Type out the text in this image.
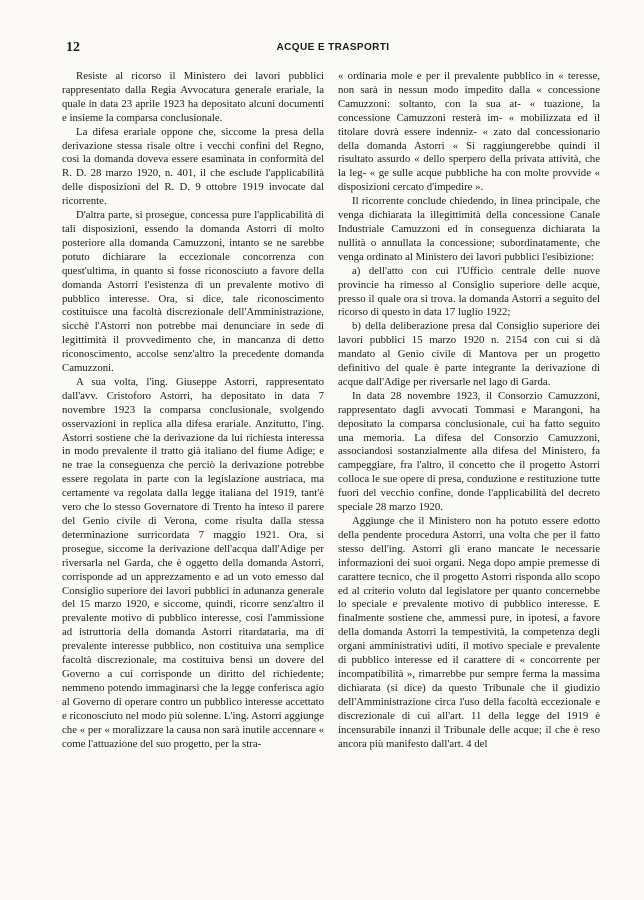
12	ACQUE E TRASPORTI

Resiste al ricorso il Ministero dei lavori pubblici rappresentato dalla Regia Avvocatura generale erariale, la quale in data 23 aprile 1923 ha depositato alcuni documenti e insieme la comparsa conclusionale.

La difesa erariale oppone che, siccome la presa della derivazione stessa risale oltre i vecchi confini del Regno, così la domanda doveva essere esaminata in conformità del R. D. 28 marzo 1920, n. 401, il che esclude l'applicabilità delle disposizioni del R. D. 9 ottobre 1919 invocate dal ricorrente.

D'altra parte, si prosegue, concessa pure l'applicabilità di tali disposizioni, essendo la domanda Astorri di molto posteriore alla domanda Camuzzoni, intanto se ne sarebbe potuto dichiarare la eccezionale concorrenza con quest'ultima, in quanto si fosse riconosciuto a favore della domanda Astorri l'esistenza di un prevalente motivo di pubblico interesse. Ora, si dice, tale riconoscimento costituisce una facoltà discrezionale dell'Amministrazione, sicchè l'Astorri non potrebbe mai denunciare in sede di legittimità il provvedimento che, in mancanza di detto riconoscimento, accolse senz'altro la precedente domanda Camuzzoni.

A sua volta, l'ing. Giuseppe Astorri, rappresentato dall'avv. Cristoforo Astorri, ha depositato in data 7 novembre 1923 la comparsa conclusionale, svolgendo osservazioni in replica alla difesa erariale. Anzitutto, l'ing. Astorri sostiene che la derivazione da lui richiesta interessa in modo prevalente il tratto già italiano del fiume Adige; e ne trae la conseguenza che perciò la derivazione potrebbe essere regolata in parte con la legislazione austriaca, ma certamente va regolata dalla legge italiana del 1919, tant'è vero che lo stesso Governatore di Trento ha inteso il parere del Genio civile di Verona, come risulta dalla stessa determinazione surricordata 7 maggio 1921. Ora, si prosegue, siccome la derivazione dell'acqua dall'Adige per riversarla nel Garda, che è oggetto della domanda Astorri, corrisponde ad un apprezzamento e ad un voto emesso dal Consiglio superiore dei lavori pubblici in adunanza generale del 15 marzo 1920, e siccome, quindi, ricorre senz'altro il prevalente motivo di pubblico interesse, così l'ammissione ad istruttoria della domanda Astorri ritardataria, ma di prevalente interesse pubblico, non costituiva una semplice facoltà discrezionale, ma costituiva bensì un dovere del Governo a cui corrisponde un diritto del richiedente; nemmeno potendo immaginarsi che la legge conferisca agio al Governo di operare contro un pubblico interesse accettato e riconosciuto nel modo più solenne. L'ing. Astorri aggiunge che « per « moralizzare la causa non sarà inutile accennare « come l'attuazione del suo progetto, per la stra-

« ordinaria mole e per il prevalente pubblico in « teresse, non sarà in nessun modo impedito dalla « concessione Camuzzoni: soltanto, con la sua at- « tuazione, la concessione Camuzzoni resterà im- « mobilizzata ed il titolare dovrà essere indenniz- « zato dal concessionario della domanda Astorri « Si raggiungerebbe quindi il risultato assurdo « dello sperpero della privata attività, che la leg- « ge sulle acque pubbliche ha con molte provvide « disposizioni cercato d'impedire ».

Il ricorrente conclude chiedendo, in linea principale, che venga dichiarata la illegittimità della concessione Canale Industriale Camuzzoni ed in conseguenza dichiarata la nullità o annullata la concessione; subordinatamente, che venga ordinato al Ministero dei lavori pubblici l'esibizione:

a) dell'atto con cui l'Ufficio centrale delle nuove provincie ha rimesso al Consiglio superiore delle acque, presso il quale ora si trova. la domanda Astorri a seguito del ricorso di questo in data 17 luglio 1922;

b) della deliberazione presa dal Consiglio superiore dei lavori pubblici 15 marzo 1920 n. 2154 con cui si dà mandato al Genio civile di Mantova per un progetto definitivo del quale è parte integrante la derivazione di acque dall'Adige per riversarle nel lago di Garda.

In data 28 novembre 1923, il Consorzio Camuzzoni, rappresentato dagli avvocati Tommasi e Marangoni, ha depositato la comparsa conclusionale, cui ha fatto seguito una memoria. La difesa del Consorzio Camuzzoni, associandosi sostanzialmente alla difesa del Ministero, fa campeggiare, fra l'altro, il concetto che il progetto Astorri colloca le sue opere di presa, conduzione e restituzione tutte fuori del vecchio confine, donde l'applicabilità del decreto speciale 28 marzo 1920.

Aggiunge che il Ministero non ha potuto essere edotto della pendente procedura Astorri, una volta che per il fatto stesso dell'ing. Astorri gli erano mancate le necessarie informazioni dei suoi organi. Nega dopo ampie premesse di carattere tecnico, che il progetto Astorri risponda allo scopo ed al criterio voluto dal legislatore per quanto concernebbe lo speciale e prevalente motivo di pubblico interesse. E finalmente sostiene che, ammessi pure, in ipotesi, a favore della domanda Astorri la tempestività, la competenza degli organi amministrativi uditi, il motivo speciale e prevalente di pubblico interesse ed il carattere di « concorrente per incompatibilità », rimarrebbe pur sempre ferma la massima dichiarata (si dice) da questo Tribunale che il giudizio dell'Amministrazione circa l'uso della facoltà eccezionale e discrezionale di cui all'art. 11 della legge del 1919 è incensurabile innanzi il Tribunale delle acque; il che è reso ancora più manifesto dall'art. 4 del
